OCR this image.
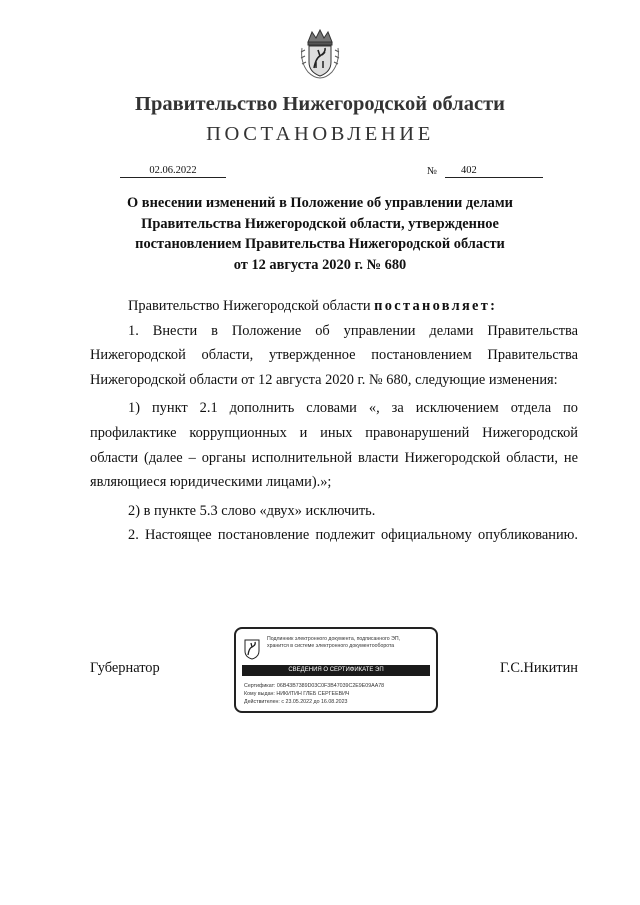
Правительство Нижегородской области
ПОСТАНОВЛЕНИЕ
02.06.2022	№	402
О внесении изменений в Положение об управлении делами
Правительства Нижегородской области, утвержденное
постановлением Правительства Нижегородской области
от 12 августа 2020 г. № 680

Правительство Нижегородской области постановляет:

1. Внести в Положение об управлении делами Правительства Нижегородской области, утвержденное постановлением Правительства Нижегородской области от 12 августа 2020 г. № 680, следующие изменения:

1) пункт 2.1 дополнить словами «, за исключением отдела по профилактике коррупционных и иных правонарушений Нижегородской области (далее – органы исполнительной власти Нижегородской области, не являющиеся юридическими лицами).»;

2) в пункте 5.3 слово «двух» исключить.

2. Настоящее постановление подлежит официальному опубликованию.

Губернатор	Г.С.Никитин
Подлинник электронного документа, подписанного ЭП,
хранится в системе электронного документооборота
СВЕДЕНИЯ О СЕРТИФИКАТЕ ЭП
Сертификат: 06B43B7389D03C0F3B47039C2E9E09AA78
Кому выдан: НИКИТИН ГЛЕБ СЕРГЕЕВИЧ
Действителен: с 23.05.2022 до 16.08.2023
